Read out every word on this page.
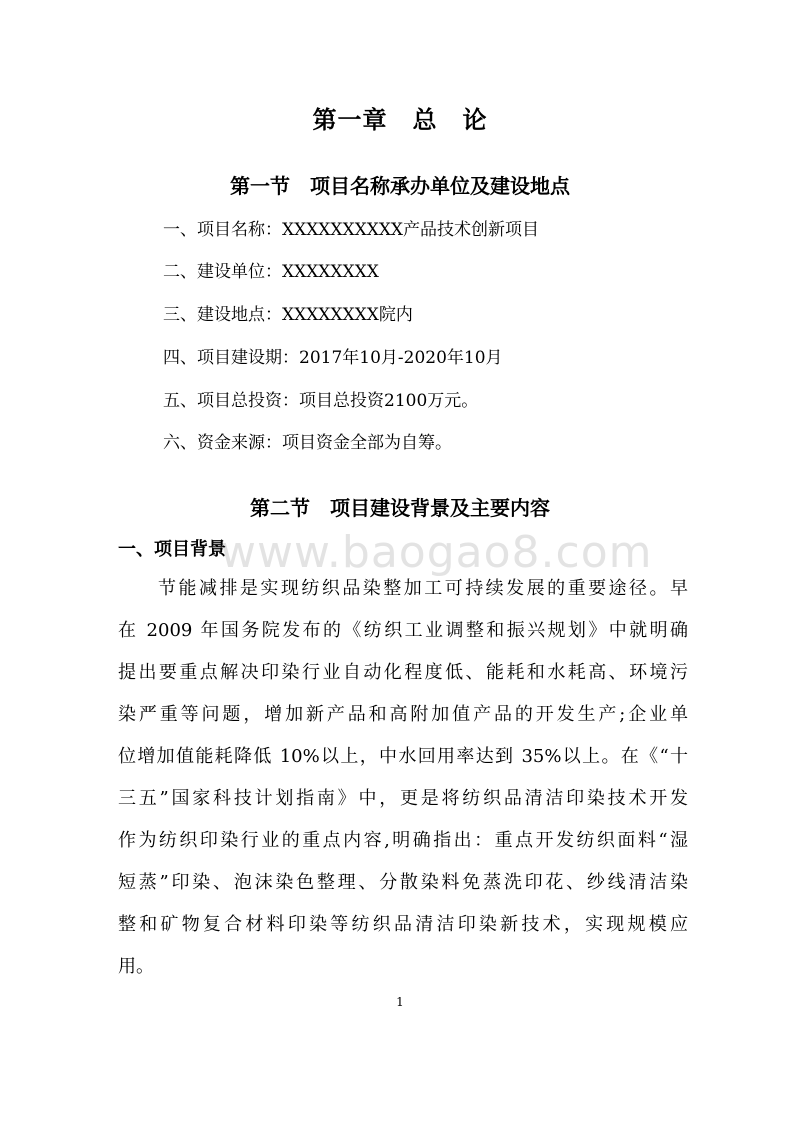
第一章　总　论
第一节　项目名称承办单位及建设地点
一、项目名称：XXXXXXXXXX产品技术创新项目
二、建设单位：XXXXXXXX
三、建设地点：XXXXXXXX院内
四、项目建设期：2017年10月-2020年10月
五、项目总投资：项目总投资2100万元。
六、资金来源：项目资金全部为自筹。
第二节　项目建设背景及主要内容
www.baogao8.com
一、项目背景
节能减排是实现纺织品染整加工可持续发展的重要途径。早
在 2009 年国务院发布的《纺织工业调整和振兴规划》中就明确
提出要重点解决印染行业自动化程度低、能耗和水耗高、环境污
染严重等问题，增加新产品和高附加值产品的开发生产;企业单
位增加值能耗降低 10%以上，中水回用率达到 35%以上。在《“十
三五”国家科技计划指南》中，更是将纺织品清洁印染技术开发
作为纺织印染行业的重点内容,明确指出：重点开发纺织面料“湿
短蒸”印染、泡沫染色整理、分散染料免蒸洗印花、纱线清洁染
整和矿物复合材料印染等纺织品清洁印染新技术，实现规模应
用。
1
